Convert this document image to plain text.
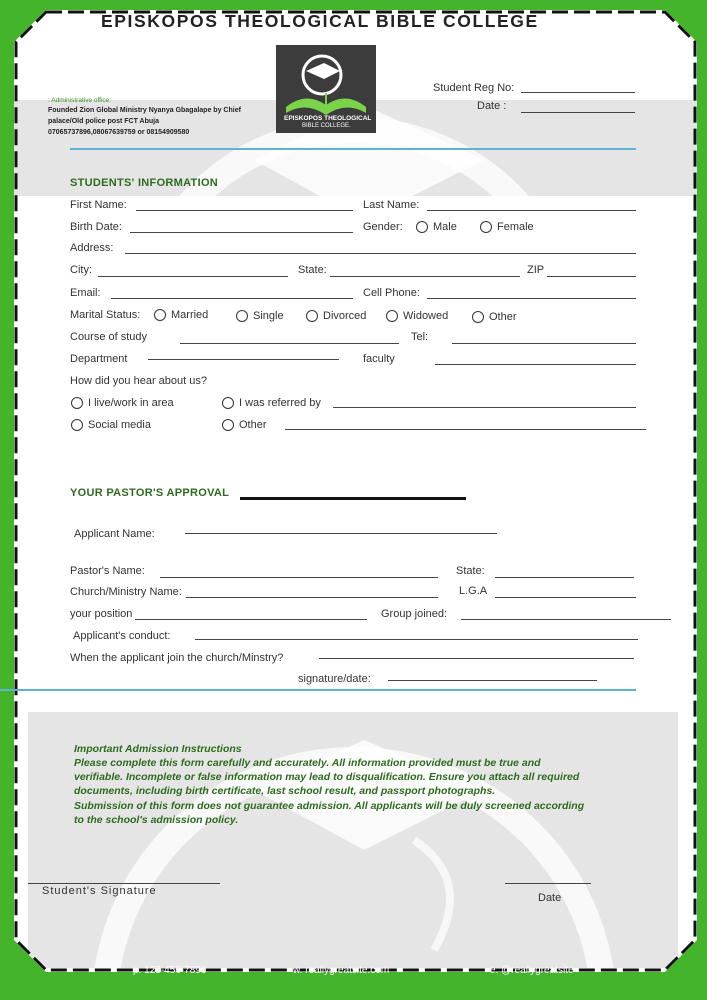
EPISKOPOS THEOLOGICAL BIBLE COLLEGE
EPISKOPOS THEOLOGICAL
BIBLE COLLEGE.
: Administrative office:
Founded Zion Global Ministry Nyanya Gbagalape by Chief
palace/Old police post FCT Abuja
07065737896,08067639759 or 08154909580
Student Reg No:
Date :
STUDENTS' INFORMATION
First Name:	Last Name:
Birth Date:	Gender:	Male	Female
Address:
City:	State:	ZIP
Email:	Cell Phone:
Marital Status:	Married	Single	Divorced	Widowed	Other
Course of study	Tel:
Department	faculty
How did you hear about us?
I live/work in area	I was referred by
Social media	Other
YOUR PASTOR'S APPROVAL
Applicant Name:
Pastor's Name:	State:
Church/Ministry Name:	L.G.A
your position	Group joined:
Applicant's conduct:
When the applicant join the church/Minstry?
signature/date:
Important Admission Instructions
Please complete this form carefully and accurately. All information provided must be true and
verifiable. Incomplete or false information may lead to disqualification. Ensure you attach all required
documents, including birth certificate, last school result, and passport photographs.
Submission of this form does not guarantee admission. All applicants will be duly screened according
to the school's admission policy.
Student's Signature
Date
p. 123-456-7890	w. reallygreatsite.com	e. @reallygreatsite
